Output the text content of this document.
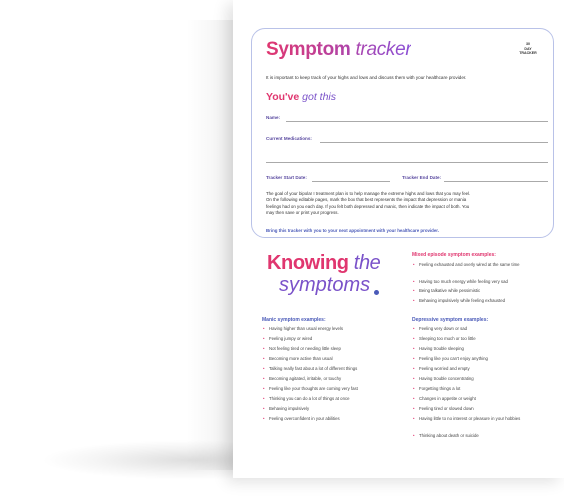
Symptom tracker	30
DAY
TRACKER
It is important to keep track of your highs and lows and discuss them with your healthcare provider.
You've got this
Name:
Current Medications:
Tracker Start Date:	Tracker End Date:
The goal of your bipolar I treatment plan is to help manage the extreme highs and lows that you may feel.
On the following editable pages, mark the box that best represents the impact that depression or mania
feelings had on you each day. If you felt both depressed and manic, then indicate the impact of both. You
may then save or print your progress.
Bring this tracker with you to your next appointment with your healthcare provider.
Knowing the
symptoms
Mixed episode symptom examples:
• Feeling exhausted and overly wired at the same time
• Having too much energy while feeling very sad
• Being talkative while pessimistic
• Behaving impulsively while feeling exhausted
Manic symptom examples:
• Having higher than usual energy levels
• Feeling jumpy or wired
• Not feeling tired or needing little sleep
• Becoming more active than usual
• Talking really fast about a lot of different things
• Becoming agitated, irritable, or touchy
• Feeling like your thoughts are coming very fast
• Thinking you can do a lot of things at once
• Behaving impulsively
• Feeling overconfident in your abilities
Depressive symptom examples:
• Feeling very down or sad
• Sleeping too much or too little
• Having trouble sleeping
• Feeling like you can't enjoy anything
• Feeling worried and empty
• Having trouble concentrating
• Forgetting things a lot
• Changes in appetite or weight
• Feeling tired or slowed down
• Having little to no interest or pleasure in your hobbies
• Thinking about death or suicide
